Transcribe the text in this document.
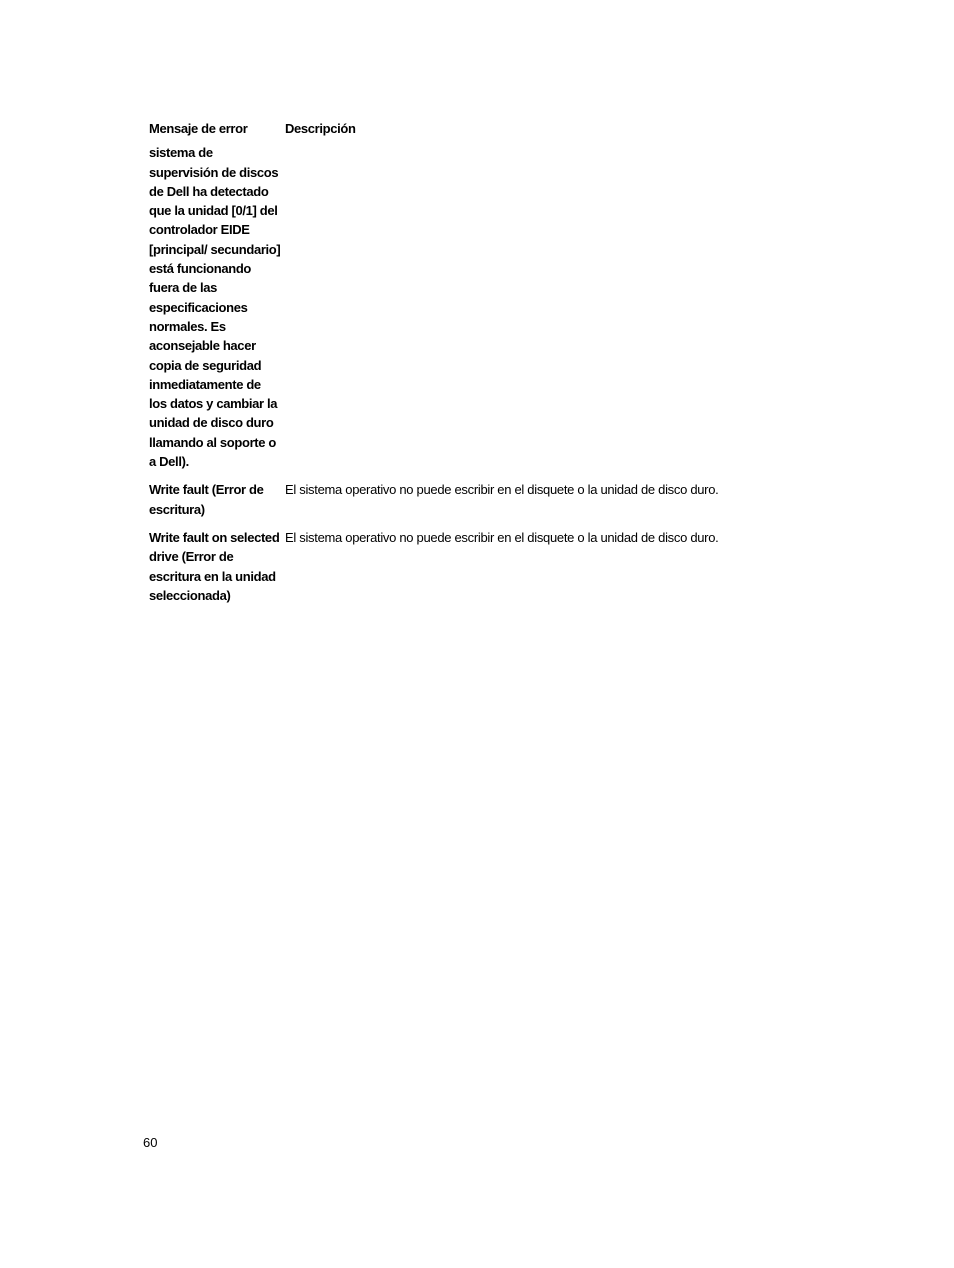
Mensaje de error	Descripción
sistema de supervisión de discos de Dell ha detectado que la unidad [0/1] del controlador EIDE [principal/ secundario] está funcionando fuera de las especificaciones normales. Es aconsejable hacer copia de seguridad inmediatamente de los datos y cambiar la unidad de disco duro llamando al soporte o a Dell).	
Write fault (Error de escritura)	El sistema operativo no puede escribir en el disquete o la unidad de disco duro.
Write fault on selected drive (Error de escritura en la unidad seleccionada)	El sistema operativo no puede escribir en el disquete o la unidad de disco duro.
60
